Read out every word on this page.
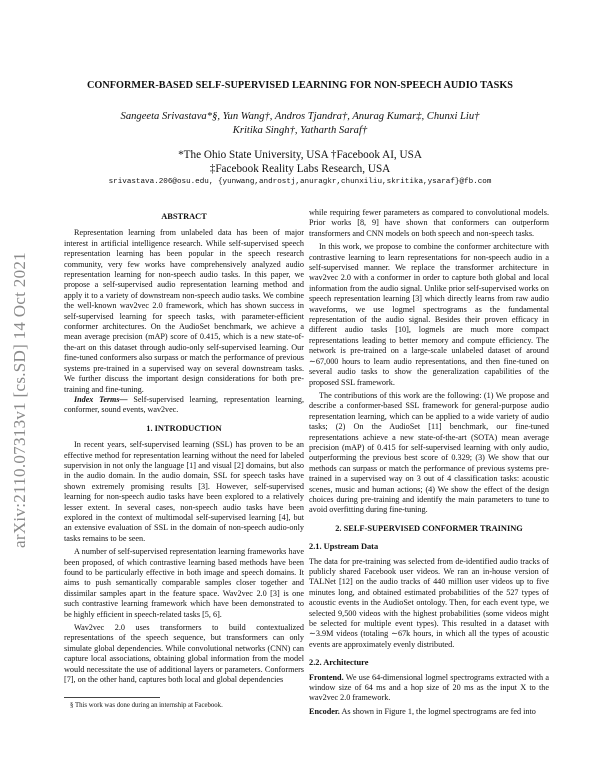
arXiv:2110.07313v1 [cs.SD] 14 Oct 2021
CONFORMER-BASED SELF-SUPERVISED LEARNING FOR NON-SPEECH AUDIO TASKS
Sangeeta Srivastava*§, Yun Wang†, Andros Tjandra†, Anurag Kumar‡, Chunxi Liu†
Kritika Singh†, Yatharth Saraf†
*The Ohio State University, USA †Facebook AI, USA
‡Facebook Reality Labs Research, USA
srivastava.206@osu.edu, {yunwang,androstj,anuragkr,chunxiliu,skritika,ysaraf}@fb.com
ABSTRACT

Representation learning from unlabeled data has been of major interest in artificial intelligence research. While self-supervised speech representation learning has been popular in the speech research community, very few works have comprehensively analyzed audio representation learning for non-speech audio tasks. In this paper, we propose a self-supervised audio representation learning method and apply it to a variety of downstream non-speech audio tasks. We combine the well-known wav2vec 2.0 framework, which has shown success in self-supervised learning for speech tasks, with parameter-efficient conformer architectures. On the AudioSet benchmark, we achieve a mean average precision (mAP) score of 0.415, which is a new state-of-the-art on this dataset through audio-only self-supervised learning. Our fine-tuned conformers also surpass or match the performance of previous systems pre-trained in a supervised way on several downstream tasks. We further discuss the important design considerations for both pre-training and fine-tuning.

Index Terms— Self-supervised learning, representation learning, conformer, sound events, wav2vec.

1. INTRODUCTION

In recent years, self-supervised learning (SSL) has proven to be an effective method for representation learning without the need for labeled supervision in not only the language [1] and visual [2] domains, but also in the audio domain. In the audio domain, SSL for speech tasks have shown extremely promising results [3]. However, self-supervised learning for non-speech audio tasks have been explored to a relatively lesser extent. In several cases, non-speech audio tasks have been explored in the context of multimodal self-supervised learning [4], but an extensive evaluation of SSL in the domain of non-speech audio-only tasks remains to be seen.

A number of self-supervised representation learning frameworks have been proposed, of which contrastive learning based methods have been found to be particularly effective in both image and speech domains. It aims to push semantically comparable samples closer together and dissimilar samples apart in the feature space. Wav2vec 2.0 [3] is one such contrastive learning framework which have been demonstrated to be highly efficient in speech-related tasks [5, 6].

Wav2vec 2.0 uses transformers to build contextualized representations of the speech sequence, but transformers can only simulate global dependencies. While convolutional networks (CNN) can capture local associations, obtaining global information from the model would necessitate the use of additional layers or parameters. Conformers [7], on the other hand, captures both local and global dependencies

§ This work was done during an internship at Facebook.

while requiring fewer parameters as compared to convolutional models. Prior works [8, 9] have shown that conformers can outperform transformers and CNN models on both speech and non-speech tasks.

In this work, we propose to combine the conformer architecture with contrastive learning to learn representations for non-speech audio in a self-supervised manner. We replace the transformer architecture in wav2vec 2.0 with a conformer in order to capture both global and local information from the audio signal. Unlike prior self-supervised works on speech representation learning [3] which directly learns from raw audio waveforms, we use logmel spectrograms as the fundamental representation of the audio signal. Besides their proven efficacy in different audio tasks [10], logmels are much more compact representations leading to better memory and compute efficiency. The network is pre-trained on a large-scale unlabeled dataset of around ∼67,000 hours to learn audio representations, and then fine-tuned on several audio tasks to show the generalization capabilities of the proposed SSL framework.

The contributions of this work are the following: (1) We propose and describe a conformer-based SSL framework for general-purpose audio representation learning, which can be applied to a wide variety of audio tasks; (2) On the AudioSet [11] benchmark, our fine-tuned representations achieve a new state-of-the-art (SOTA) mean average precision (mAP) of 0.415 for self-supervised learning with only audio, outperforming the previous best score of 0.329; (3) We show that our methods can surpass or match the performance of previous systems pre-trained in a supervised way on 3 out of 4 classification tasks: acoustic scenes, music and human actions; (4) We show the effect of the design choices during pre-training and identify the main parameters to tune to avoid overfitting during fine-tuning.

2. SELF-SUPERVISED CONFORMER TRAINING
2.1. Upstream Data

The data for pre-training was selected from de-identified audio tracks of publicly shared Facebook user videos. We ran an in-house version of TALNet [12] on the audio tracks of 440 million user videos up to five minutes long, and obtained estimated probabilities of the 527 types of acoustic events in the AudioSet ontology. Then, for each event type, we selected 9,500 videos with the highest probabilities (some videos might be selected for multiple event types). This resulted in a dataset with ∼3.9M videos (totaling ∼67k hours, in which all the types of acoustic events are approximately evenly distributed.

2.2. Architecture

Frontend. We use 64-dimensional logmel spectrograms extracted with a window size of 64 ms and a hop size of 20 ms as the input X to the wav2vec 2.0 framework.

Encoder. As shown in Figure 1, the logmel spectrograms are fed into
